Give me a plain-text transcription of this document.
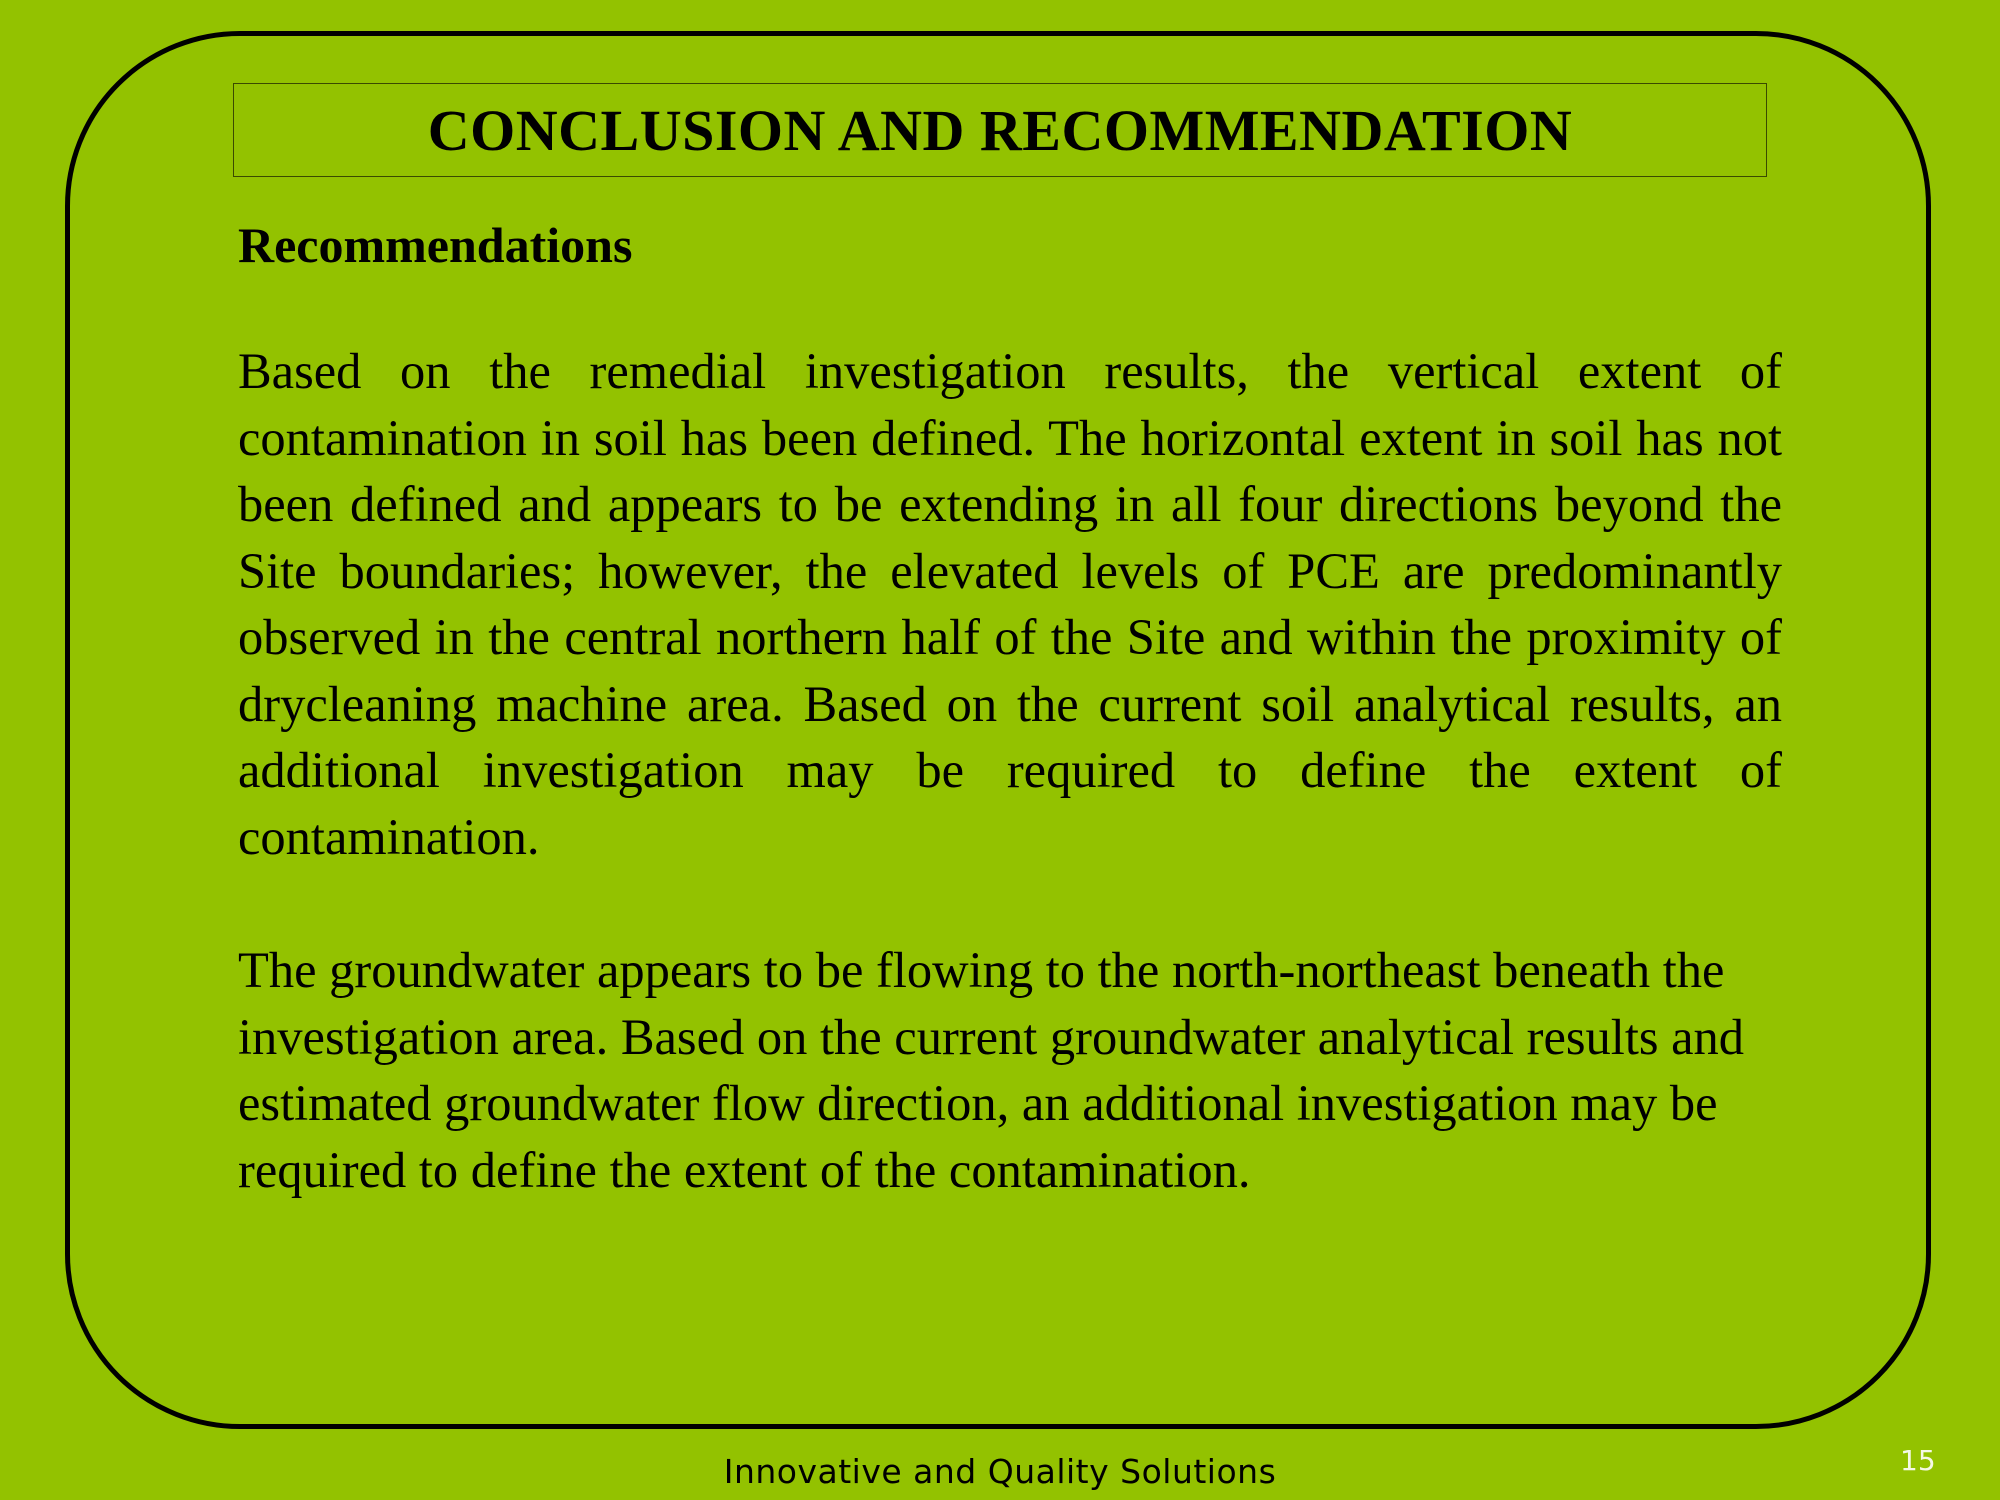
CONCLUSION AND RECOMMENDATION
Recommendations

Based on the remedial investigation results, the vertical extent of contamination in soil has been defined. The horizontal extent in soil has not been defined and appears to be extending in all four directions beyond the Site boundaries; however, the elevated levels of PCE are predominantly observed in the central northern half of the Site and within the proximity of drycleaning machine area. Based on the current soil analytical results, an additional investigation may be required to define the extent of contamination.

The groundwater appears to be flowing to the north-northeast beneath the investigation area. Based on the current groundwater analytical results and estimated groundwater flow direction, an additional investigation may be required to define the extent of the contamination.

Innovative and Quality Solutions	15
